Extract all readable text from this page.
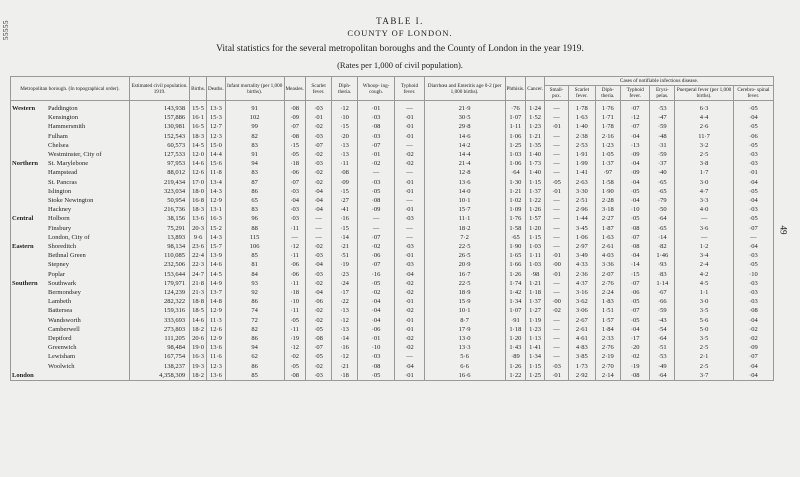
55555
49
TABLE I.
COUNTY OF LONDON.
Vital statistics for the several metropolitan boroughs and the County of London in the year 1919.
(Rates per 1,000 of civil population).
Metropolitan borough. (In topographical order).		Estimated civil population. 1919.	Births.	Deaths.	Infant mortality (per 1,000 births).	Measles.	Scarlet fever.	Diph- theria.	Whoop- ing- cough.	Typhoid fever.	Diarrhœa and Enteritis age 0-2 (per 1,000 births).	Phthisis.	Cancer.	Cases of notifiable infectious disease.						
														Small- pox.	Scarlet fever.	Diph- theria.	Typhoid fever.	Erysi- pelas.	Puerperal fever (per 1,000 births).	Cerebro- spinal fever.
Western	Paddington	143,938	15·5	13·3	91	·08	·03	·12	·01	—	21·9	·76	1·24	—	1·78	1·76	·07	·53	6·3	·05
	Kensington	157,886	16·1	15·3	102	·09	·01	·10	·03	·01	30·5	1·07	1·52	—	1·63	1·71	·12	·47	4·4	·04
	Hammersmith	130,981	16·5	12·7	99	·07	·02	·15	·08	·01	29·8	1·11	1·23	·01	1·40	1·78	·07	·59	2·6	·05
	Fulham	152,543	18·3	12·3	82	·08	·03	·20	·03	·01	14·6	1·06	1·21	—	2·38	2·16	·04	·48	11·7	·06
	Chelsea	60,573	14·5	15·0	83	·15	·07	·13	·07	—	14·2	1·25	1·35	—	2·53	1·23	·13	·31	3·2	·05
	Westminster, City of	127,533	12·0	14·4	91	·05	·02	·13	·01	·02	14·4	1·03	1·40	—	1·91	1·05	·09	·59	2·5	·03
Northern	St. Marylebone	97,953	14·6	15·6	94	·18	·03	·11	·02	·02	21·4	1·06	1·73	—	1·99	1·37	·04	·37	3·8	·03
	Hampstead	88,012	12·6	11·8	83	·06	·02	·08	—	—	12·8	·64	1·40	—	1·41	·97	·09	·40	1·7	·01
	St. Pancras	219,434	17·0	13·4	87	·07	·02	·09	·03	·01	13·6	1·30	1·15	·05	2·63	1·58	·04	·65	3·0	·04
	Islington	323,034	18·0	14·3	86	·03	·04	·15	·05	·01	14·0	1·21	1·37	·01	3·30	1·90	·05	·65	4·7	·05
	Stoke Newington	50,954	16·8	12·9	65	·04	·04	·27	·08	—	10·1	1·02	1·22	—	2·51	2·28	·04	·79	3·3	·04
	Hackney	216,736	18·3	13·1	83	·03	·04	·41	·09	·01	15·7	1·09	1·26	—	2·96	3·18	·10	·50	4·0	·03
Central	Holborn	38,156	13·6	16·3	96	·03	—	·16	—	·03	11·1	1·76	1·57	—	1·44	2·27	·05	·64	—	·05
	Finsbury	75,291	20·3	15·2	88	·11	—	·15	—	—	18·2	1·58	1·20	—	3·45	1·87	·08	·65	3·6	·07
	London, City of	13,893	9·6	14·3	115	—	—	·14	·07	—	7·2	·65	1·15	—	1·06	1·63	·07	·14	—	—
Eastern	Shoreditch	98,134	23·6	15·7	106	·12	·02	·21	·02	·03	22·5	1·90	1·03	—	2·97	2·61	·08	·82	1·2	·04
	Bethnal Green	110,085	22·4	13·9	85	·11	·03	·51	·06	·01	26·5	1·65	1·11	·01	3·49	4·03	·04	1·46	3·4	·03
	Stepney	232,506	22·3	14·6	81	·06	·04	·19	·07	·03	20·9	1·66	1·03	·00	4·33	3·36	·14	·93	2·4	·05
	Poplar	153,644	24·7	14·5	84	·06	·03	·23	·16	·04	16·7	1·26	·98	·01	2·36	2·07	·15	·83	4·2	·10
Southern	Southwark	179,971	21·8	14·9	93	·11	·02	·24	·05	·02	22·5	1·74	1·21	—	4·37	2·76	·07	1·14	4·5	·03
	Bermondsey	124,239	21·3	13·7	92	·18	·04	·17	·02	·02	18·9	1·42	1·18	—	3·16	2·24	·06	·67	1·1	·03
	Lambeth	282,322	18·8	14·8	86	·10	·06	·22	·04	·01	15·9	1·34	1·37	·00	3·62	1·83	·05	·66	3·0	·03
	Battersea	159,316	18·5	12·9	74	·11	·02	·13	·04	·02	10·1	1·07	1·27	·02	3·06	1·51	·07	·59	3·5	·08
	Wandsworth	333,693	14·6	11·3	72	·05	·02	·12	·04	·01	8·7	·91	1·19	—	2·67	1·57	·05	·43	5·6	·04
	Camberwell	273,803	18·2	12·6	82	·11	·05	·13	·06	·01	17·9	1·18	1·23	—	2·61	1·84	·04	·54	5·0	·02
	Deptford	111,205	20·6	12·9	86	·19	·08	·14	·01	·02	13·0	1·20	1·13	—	4·61	2·33	·17	·64	3·5	·02
	Greenwich	98,484	19·0	13·6	94	·12	·07	·16	·10	·02	13·3	1·43	1·41	—	4·83	2·76	·20	·51	2·5	·09
	Lewisham	167,754	16·3	11·6	62	·02	·05	·12	·03	—	5·6	·89	1·34	—	3·85	2·19	·02	·53	2·1	·07
	Woolwich	138,237	19·3	12·3	86	·05	·02	·21	·08	·04	6·6	1·26	1·15	·03	1·73	2·70	·19	·49	2·5	·04
London		4,358,309	18·2	13·6	85	·08	·03	·18	·05	·01	16·6	1·22	1·25	·01	2·92	2·14	·08	·64	3·7	·04
